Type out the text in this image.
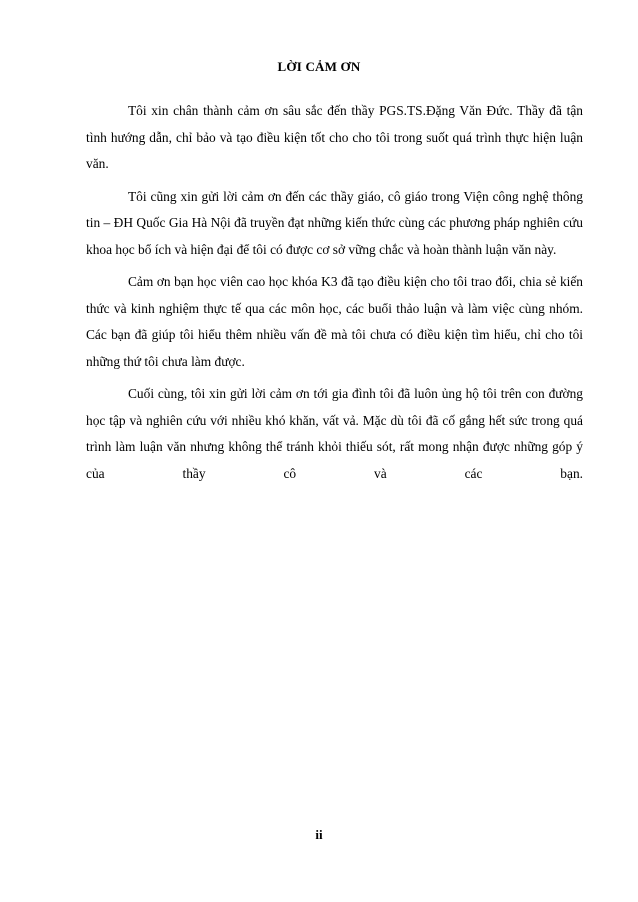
LỜI CẢM ƠN

Tôi xin chân thành cảm ơn sâu sắc đến thầy PGS.TS.Đặng Văn Đức. Thầy đã tận tình hướng dẫn, chỉ bảo và tạo điều kiện tốt cho cho tôi trong suốt quá trình thực hiện luận văn.

Tôi cũng xin gửi lời cảm ơn đến các thầy giáo, cô giáo trong Viện công nghệ thông tin – ĐH Quốc Gia Hà Nội đã truyền đạt những kiến thức cùng các phương pháp nghiên cứu khoa học bổ ích và hiện đại để tôi có được cơ sở vững chắc và hoàn thành luận văn này.

Cảm ơn bạn học viên cao học khóa K3 đã tạo điều kiện cho tôi trao đổi, chia sẻ kiến thức và kinh nghiệm thực tế qua các môn học, các buổi thảo luận và làm việc cùng nhóm. Các bạn đã giúp tôi hiểu thêm nhiều vấn đề mà tôi chưa có điều kiện tìm hiểu, chỉ cho tôi những thứ tôi chưa làm được.

Cuối cùng, tôi xin gửi lời cảm ơn tới gia đình tôi đã luôn ủng hộ tôi trên con đường học tập và nghiên cứu với nhiều khó khăn, vất vả. Mặc dù tôi đã cố gắng hết sức trong quá trình làm luận văn nhưng không thể tránh khỏi thiếu sót, rất mong nhận được những góp ý của thầy cô và các bạn.

ii
